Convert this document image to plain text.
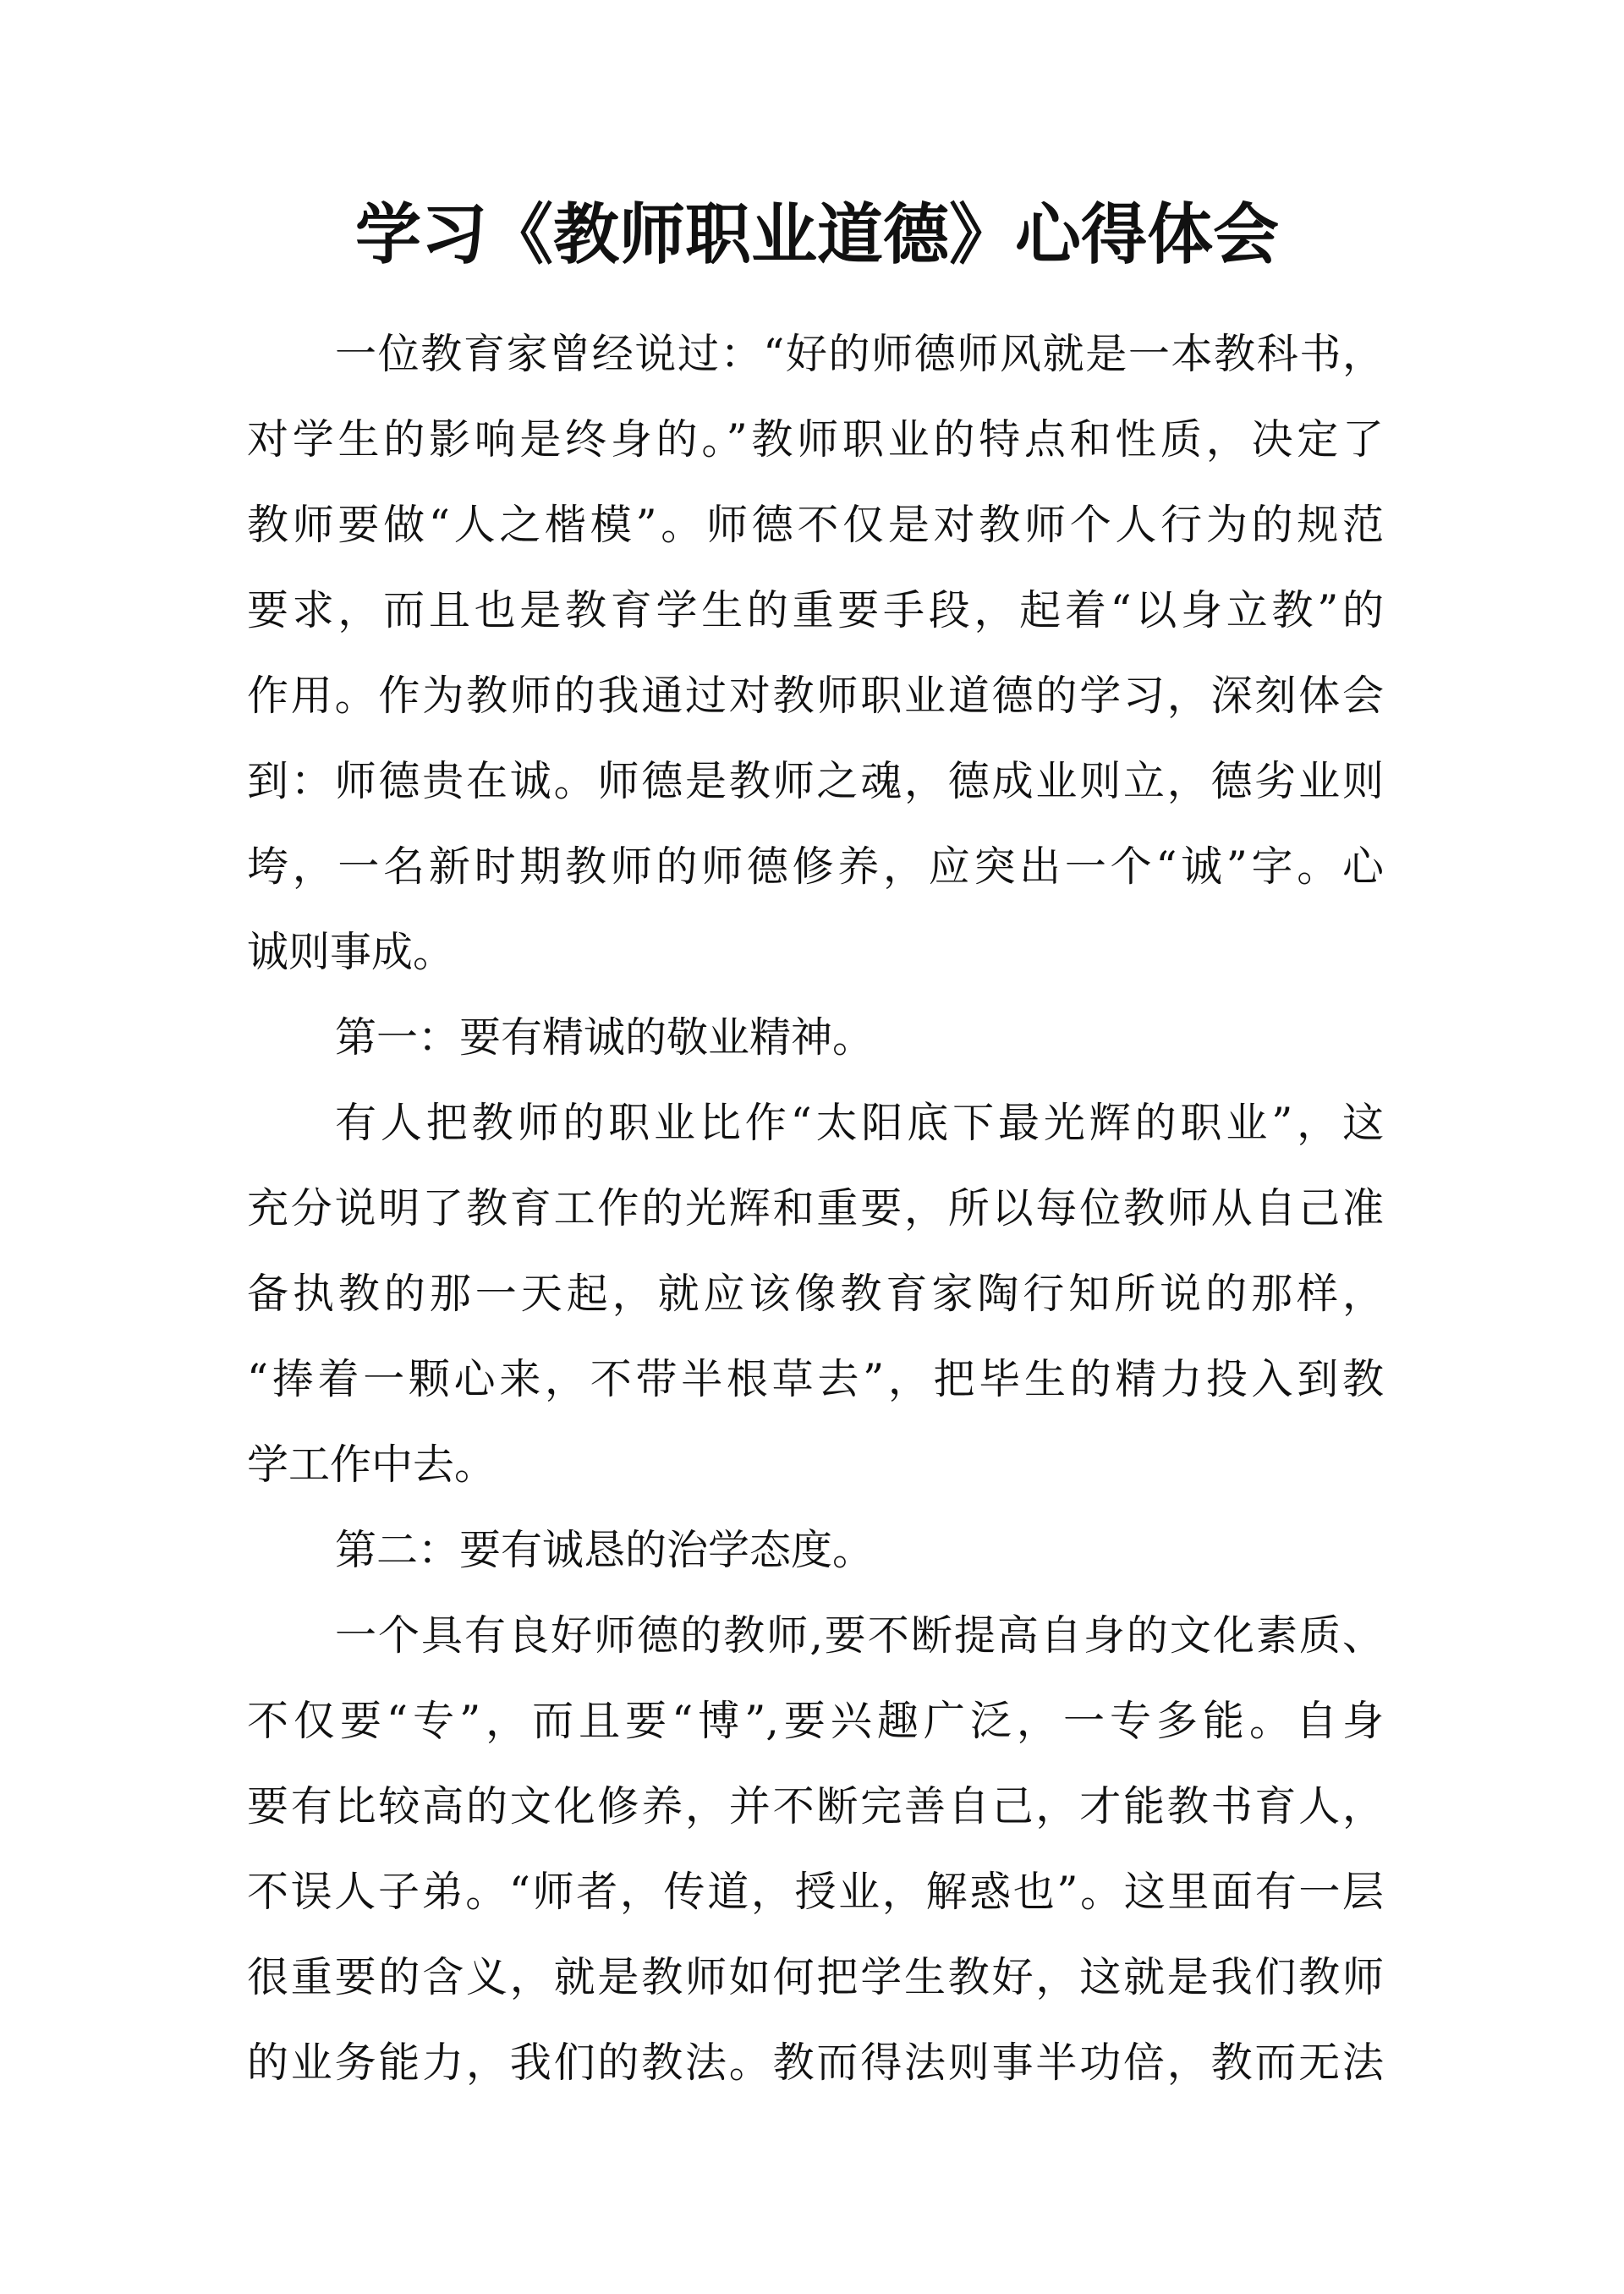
学习《教师职业道德》心得体会
一位教育家曾经说过：“好的师德师风就是一本教科书，
对学生的影响是终身的。”教师职业的特点和性质，决定了
教师要做“人之楷模”。师德不仅是对教师个人行为的规范
要求，而且也是教育学生的重要手段，起着“以身立教”的
作用。作为教师的我通过对教师职业道德的学习，深刻体会
到：师德贵在诚。师德是教师之魂，德成业则立，德劣业则
垮，一名新时期教师的师德修养，应突出一个“诚”字。心
诚则事成。
第一：要有精诚的敬业精神。
有人把教师的职业比作“太阳底下最光辉的职业”，这
充分说明了教育工作的光辉和重要，所以每位教师从自己准
备执教的那一天起，就应该像教育家陶行知所说的那样，
“捧着一颗心来，不带半根草去”，把毕生的精力投入到教
学工作中去。
第二：要有诚恳的治学态度。
一个具有良好师德的教师,要不断提高自身的文化素质、
不仅要“专”，而且要“博”,要兴趣广泛，一专多能。自身
要有比较高的文化修养，并不断完善自己，才能教书育人，
不误人子弟。“师者，传道，授业，解惑也”。这里面有一层
很重要的含义，就是教师如何把学生教好，这就是我们教师
的业务能力，我们的教法。教而得法则事半功倍，教而无法
